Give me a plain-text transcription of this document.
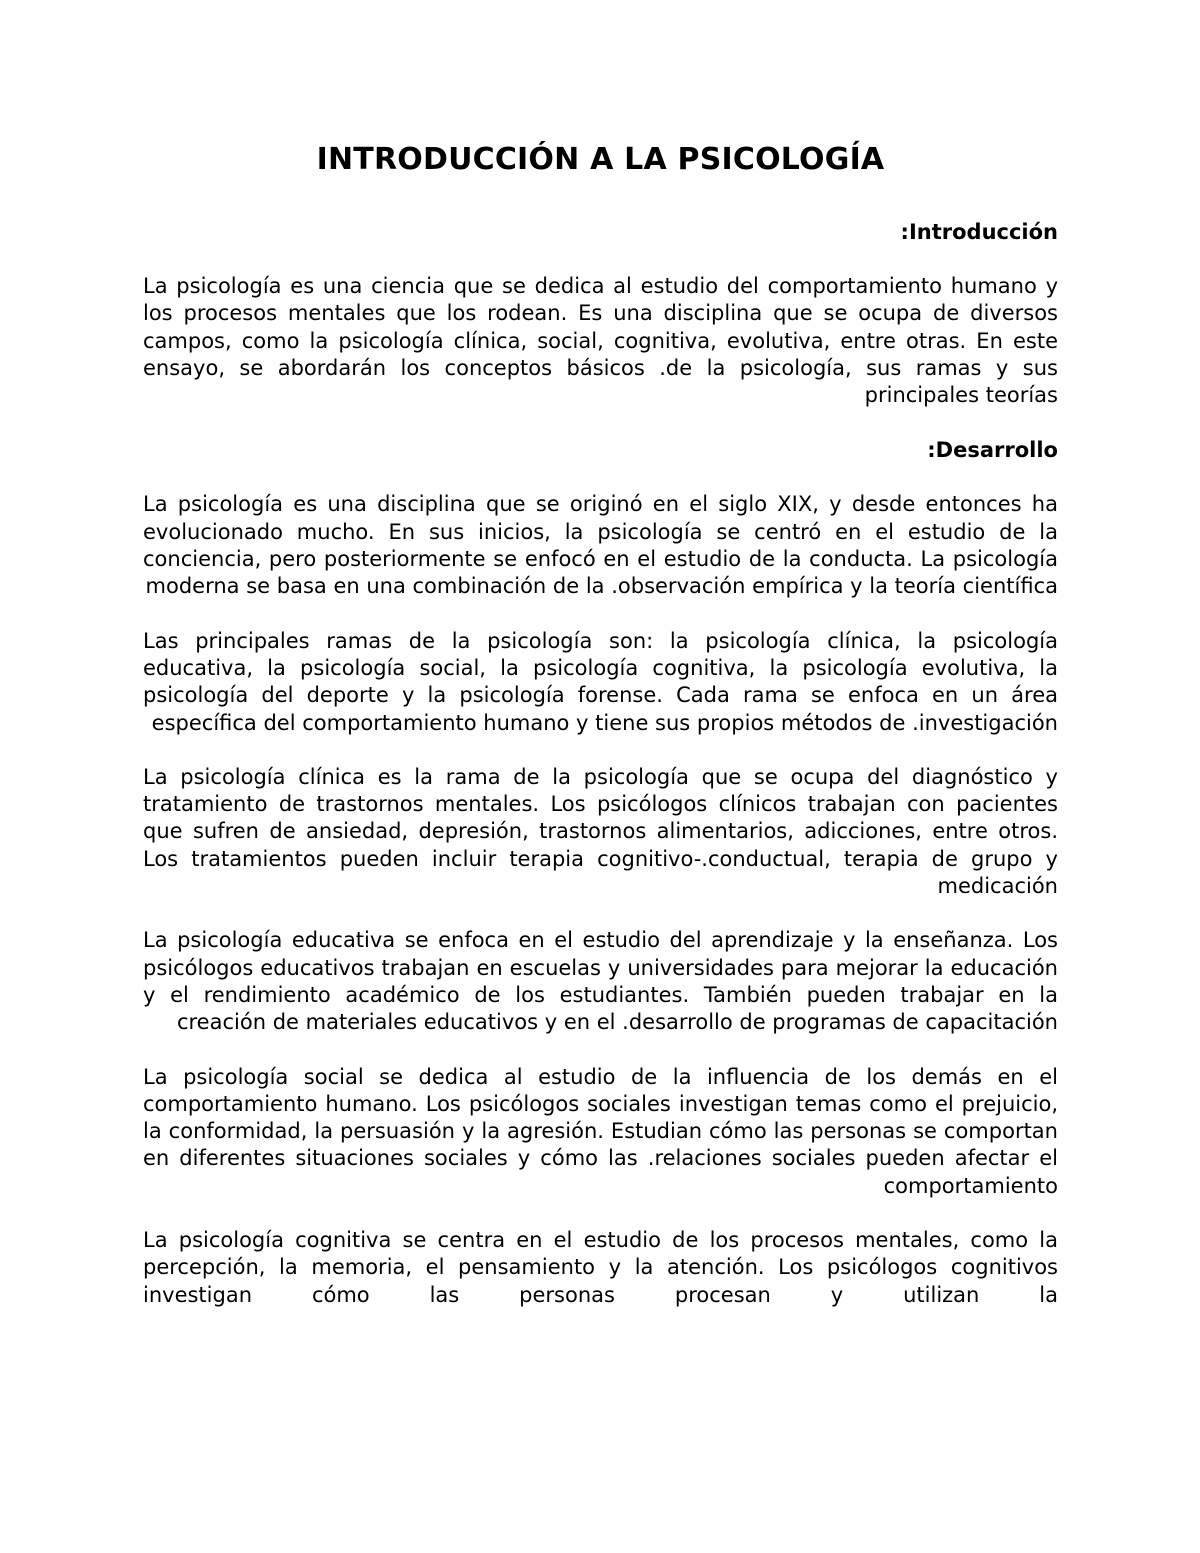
INTRODUCCIÓN A LA PSICOLOGÍA
:Introducción

La psicología es una ciencia que se dedica al estudio del comportamiento humano y los procesos mentales que los rodean. Es una disciplina que se ocupa de diversos campos, como la psicología clínica, social, cognitiva, evolutiva, entre otras. En este ensayo, se abordarán los conceptos básicos .de la psicología, sus ramas y sus principales teorías

:Desarrollo

La psicología es una disciplina que se originó en el siglo XIX, y desde entonces ha evolucionado mucho. En sus inicios, la psicología se centró en el estudio de la conciencia, pero posteriormente se enfocó en el estudio de la conducta. La psicología moderna se basa en una combinación de la .observación empírica y la teoría científica

Las principales ramas de la psicología son: la psicología clínica, la psicología educativa, la psicología social, la psicología cognitiva, la psicología evolutiva, la psicología del deporte y la psicología forense. Cada rama se enfoca en un área específica del comportamiento humano y tiene sus propios métodos de .investigación

La psicología clínica es la rama de la psicología que se ocupa del diagnóstico y tratamiento de trastornos mentales. Los psicólogos clínicos trabajan con pacientes que sufren de ansiedad, depresión, trastornos alimentarios, adicciones, entre otros. Los tratamientos pueden incluir terapia cognitivo-.conductual, terapia de grupo y medicación

La psicología educativa se enfoca en el estudio del aprendizaje y la enseñanza. Los psicólogos educativos trabajan en escuelas y universidades para mejorar la educación y el rendimiento académico de los estudiantes. También pueden trabajar en la creación de materiales educativos y en el .desarrollo de programas de capacitación

La psicología social se dedica al estudio de la influencia de los demás en el comportamiento humano. Los psicólogos sociales investigan temas como el prejuicio, la conformidad, la persuasión y la agresión. Estudian cómo las personas se comportan en diferentes situaciones sociales y cómo las .relaciones sociales pueden afectar el comportamiento

La psicología cognitiva se centra en el estudio de los procesos mentales, como la percepción, la memoria, el pensamiento y la atención. Los psicólogos cognitivos investigan cómo las personas procesan y utilizan la
